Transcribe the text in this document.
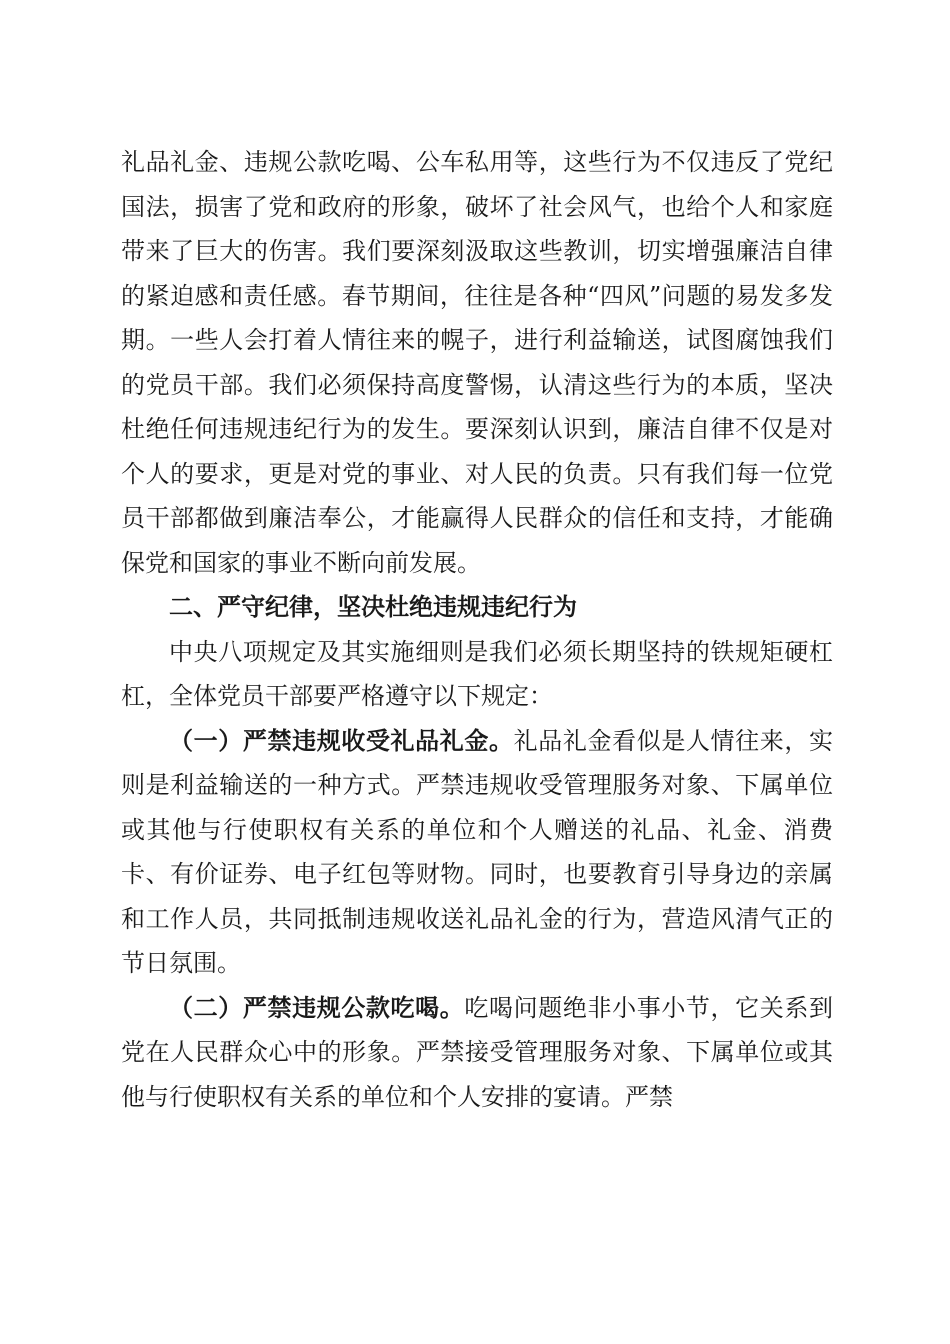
礼品礼金、违规公款吃喝、公车私用等，这些行为不仅违反了党纪国法，损害了党和政府的形象，破坏了社会风气，也给个人和家庭带来了巨大的伤害。我们要深刻汲取这些教训，切实增强廉洁自律的紧迫感和责任感。春节期间，往往是各种“四风”问题的易发多发期。一些人会打着人情往来的幌子，进行利益输送，试图腐蚀我们的党员干部。我们必须保持高度警惕，认清这些行为的本质，坚决杜绝任何违规违纪行为的发生。要深刻认识到，廉洁自律不仅是对个人的要求，更是对党的事业、对人民的负责。只有我们每一位党员干部都做到廉洁奉公，才能赢得人民群众的信任和支持，才能确保党和国家的事业不断向前发展。

二、严守纪律，坚决杜绝违规违纪行为

中央八项规定及其实施细则是我们必须长期坚持的铁规矩硬杠杠，全体党员干部要严格遵守以下规定：

（一）严禁违规收受礼品礼金。礼品礼金看似是人情往来，实则是利益输送的一种方式。严禁违规收受管理服务对象、下属单位或其他与行使职权有关系的单位和个人赠送的礼品、礼金、消费卡、有价证券、电子红包等财物。同时，也要教育引导身边的亲属和工作人员，共同抵制违规收送礼品礼金的行为，营造风清气正的节日氛围。

（二）严禁违规公款吃喝。吃喝问题绝非小事小节，它关系到党在人民群众心中的形象。严禁接受管理服务对象、下属单位或其他与行使职权有关系的单位和个人安排的宴请。严禁
